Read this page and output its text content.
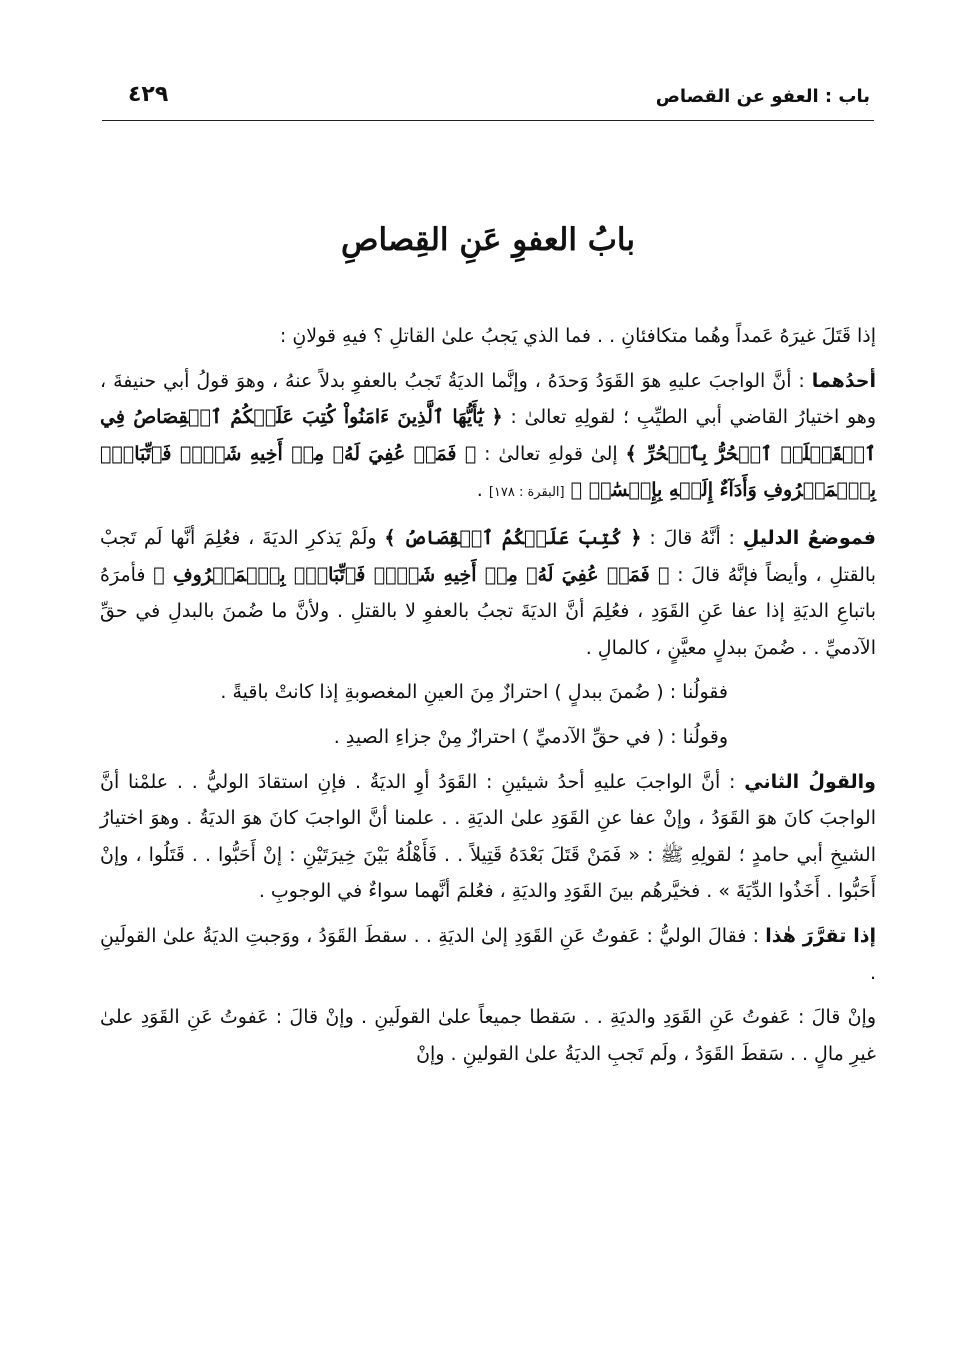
باب : العفو عن القصاص
٤٢٩
بابُ العفوِ عَنِ القِصاصِ

إذا قَتَلَ غيرَهُ عَمداً وهُما متكافئانِ . . فما الذي يَجبُ علىٰ القاتلِ ؟ فيهِ قولانِ :

أحدُهما : أنَّ الواجبَ عليهِ هوَ القَوَدُ وَحدَهُ ، وإنَّما الديَةُ تَجبُ بالعفوِ بدلاً عنهُ ، وهوَ قولُ أبي حنيفةَ ، وهو اختيارُ القاضي أبي الطيِّبِ ؛ لقولِهِ تعالىٰ : ﴿ يَٰٓأَيُّهَا ٱلَّذِينَ ءَامَنُواْ كُتِبَ عَلَيۡكُمُ ٱلۡقِصَاصُ فِي ٱلۡقَتۡلَىۖ ٱلۡحُرُّ بِٱلۡحُرِّ ﴾ إلىٰ قولهِ تعالىٰ : ﴿ فَمَنۡ عُفِيَ لَهُۥ مِنۡ أَخِيهِ شَيۡءٞ فَٱتِّبَاعُۢ بِٱلۡمَعۡرُوفِ وَأَدَآءٌ إِلَيۡهِ بِإِحۡسَٰنٖ ﴾ [البقرة : ١٧٨] .

فموضعُ الدليلِ : أنَّهُ قالَ : ﴿ كُتِبَ عَلَيۡكُمُ ٱلۡقِصَاصُ ﴾ ولَمْ يَذكرِ الديَةَ ، فعُلِمَ أنَّها لَم تَجبْ بالقتلِ ، وأيضاً فإنَّهُ قالَ : ﴿ فَمَنۡ عُفِيَ لَهُۥ مِنۡ أَخِيهِ شَيۡءٞ فَٱتِّبَاعُۢ بِٱلۡمَعۡرُوفِ ﴾ فأمرَهُ باتباعِ الديَةِ إذا عفا عَنِ القَوَدِ ، فعُلِمَ أنَّ الديَةَ تجبُ بالعفوِ لا بالقتلِ . ولأنَّ ما ضُمنَ بالبدلِ في حقِّ الآدميِّ . . ضُمنَ ببدلٍ معيَّنٍ ، كالمالِ .

فقولُنا : ( ضُمنَ ببدلٍ ) احترازٌ مِنَ العينِ المغصوبةِ إذا كانتْ باقيةً .

وقولُنا : ( في حقِّ الآدميِّ ) احترازٌ مِنْ جزاءِ الصيدِ .

والقولُ الثاني : أنَّ الواجبَ عليهِ أحدُ شيئينِ : القَوَدُ أوِ الديَةُ . فإنِ استقادَ الوليُّ . . علمْنا أنَّ الواجبَ كانَ هوَ القَوَدُ ، وإنْ عفا عنِ القَوَدِ علىٰ الديَةِ . . علمنا أنَّ الواجبَ كانَ هوَ الديَةُ . وهوَ اختيارُ الشيخِ أبي حامدٍ ؛ لقولِهِ ﷺ : « فَمَنْ قَتَلَ بَعْدَهُ قَتِيلاً . . فَأَهْلُهُ بَيْنَ خِيرَتَيْنِ : إنْ أَحَبُّوا . . قَتَلُوا ، وإنْ أَحَبُّوا . أَخَذُوا الدِّيَةَ » . فخيَّرهُم بينَ القَوَدِ والديَةِ ، فعُلمَ أنَّهما سواءٌ في الوجوبِ .

إذا تقرَّرَ هٰذا : فقالَ الوليُّ : عَفوتُ عَنِ القَوَدِ إلىٰ الديَةِ . . سقطَ القَوَدُ ، ووَجبتِ الديَةُ علىٰ القولَينِ .

وإنْ قالَ : عَفوتُ عَنِ القَوَدِ والديَةِ . . سَقطا جميعاً علىٰ القولَينِ . وإنْ قالَ : عَفوتُ عَنِ القَوَدِ علىٰ غيرِ مالٍ . . سَقطَ القَوَدُ ، ولَم تَجبِ الديَةُ علىٰ القولينِ . وإنْ
